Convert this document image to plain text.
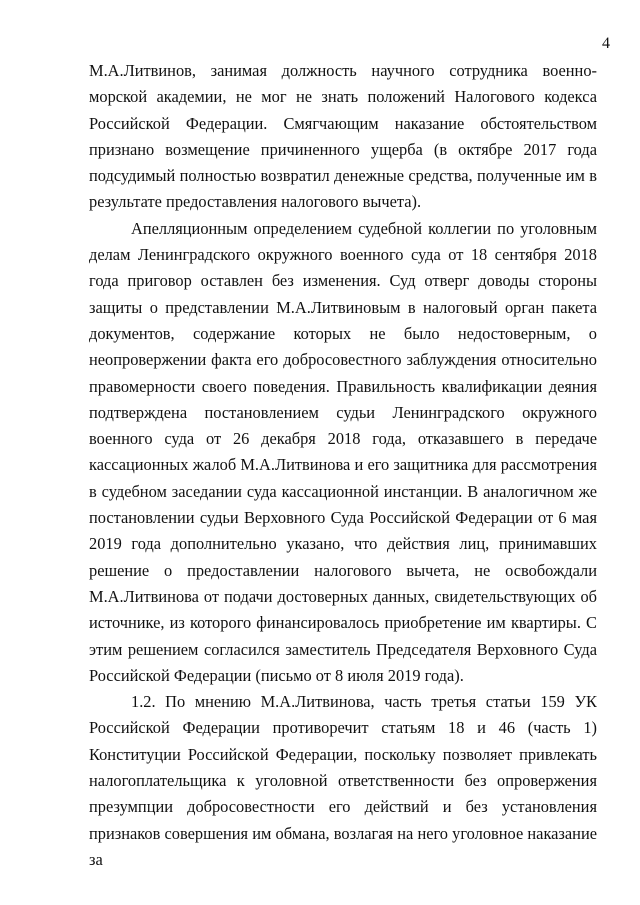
4

М.А.Литвинов, занимая должность научного сотрудника военно-морской академии, не мог не знать положений Налогового кодекса Российской Федерации. Смягчающим наказание обстоятельством признано возмещение причиненного ущерба (в октябре 2017 года подсудимый полностью возвратил денежные средства, полученные им в результате предоставления налогового вычета).

Апелляционным определением судебной коллегии по уголовным делам Ленинградского окружного военного суда от 18 сентября 2018 года приговор оставлен без изменения. Суд отверг доводы стороны защиты о представлении М.А.Литвиновым в налоговый орган пакета документов, содержание которых не было недостоверным, о неопровержении факта его добросовестного заблуждения относительно правомерности своего поведения. Правильность квалификации деяния подтверждена постановлением судьи Ленинградского окружного военного суда от 26 декабря 2018 года, отказавшего в передаче кассационных жалоб М.А.Литвинова и его защитника для рассмотрения в судебном заседании суда кассационной инстанции. В аналогичном же постановлении судьи Верховного Суда Российской Федерации от 6 мая 2019 года дополнительно указано, что действия лиц, принимавших решение о предоставлении налогового вычета, не освобождали М.А.Литвинова от подачи достоверных данных, свидетельствующих об источнике, из которого финансировалось приобретение им квартиры. С этим решением согласился заместитель Председателя Верховного Суда Российской Федерации (письмо от 8 июля 2019 года).

1.2. По мнению М.А.Литвинова, часть третья статьи 159 УК Российской Федерации противоречит статьям 18 и 46 (часть 1) Конституции Российской Федерации, поскольку позволяет привлекать налогоплательщика к уголовной ответственности без опровержения презумпции добросовестности его действий и без установления признаков совершения им обмана, возлагая на него уголовное наказание за
